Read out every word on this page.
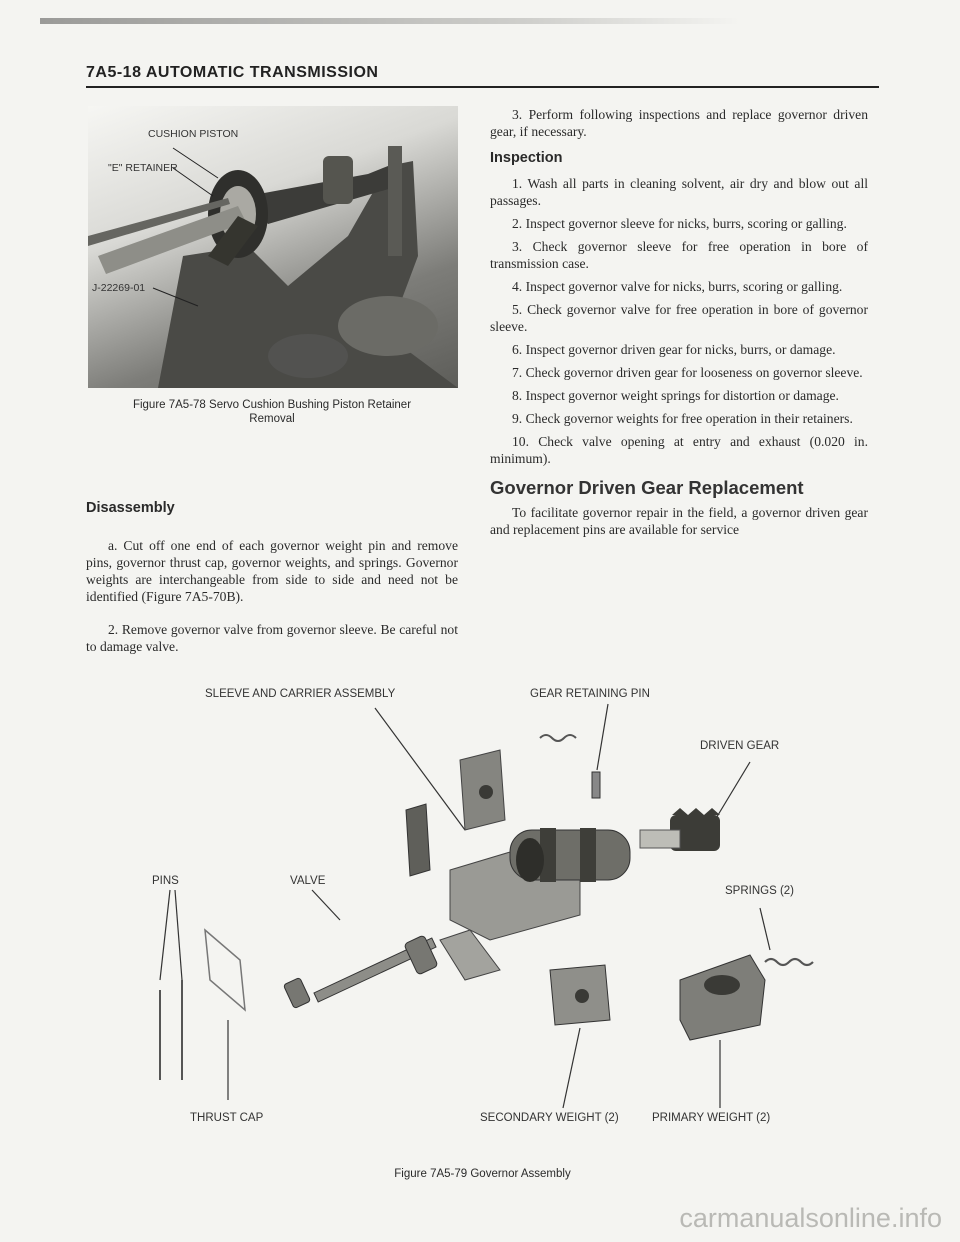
7A5-18 AUTOMATIC TRANSMISSION
CUSHION PISTON
"E" RETAINER
J-22269-01
Figure 7A5-78 Servo Cushion Bushing Piston Retainer
Removal
Disassembly

a. Cut off one end of each governor weight pin and remove pins, governor thrust cap, governor weights, and springs. Governor weights are interchangeable from side to side and need not be identified (Figure 7A5-70B).

2. Remove governor valve from governor sleeve. Be careful not to damage valve.

3. Perform following inspections and replace governor driven gear, if necessary.

Inspection

1. Wash all parts in cleaning solvent, air dry and blow out all passages.

2. Inspect governor sleeve for nicks, burrs, scoring or galling.

3. Check governor sleeve for free operation in bore of transmission case.

4. Inspect governor valve for nicks, burrs, scoring or galling.

5. Check governor valve for free operation in bore of governor sleeve.

6. Inspect governor driven gear for nicks, burrs, or damage.

7. Check governor driven gear for looseness on governor sleeve.

8. Inspect governor weight springs for distortion or damage.

9. Check governor weights for free operation in their retainers.

10. Check valve opening at entry and exhaust (0.020 in. minimum).

Governor Driven Gear Replacement

To facilitate governor repair in the field, a governor driven gear and replacement pins are available for service

SLEEVE AND CARRIER ASSEMBLY	GEAR RETAINING PIN
DRIVEN GEAR
PINS	VALVE
SPRINGS (2)
THRUST CAP	SECONDARY WEIGHT (2)	PRIMARY WEIGHT (2)
Figure 7A5-79 Governor Assembly
carmanualsonline.info
